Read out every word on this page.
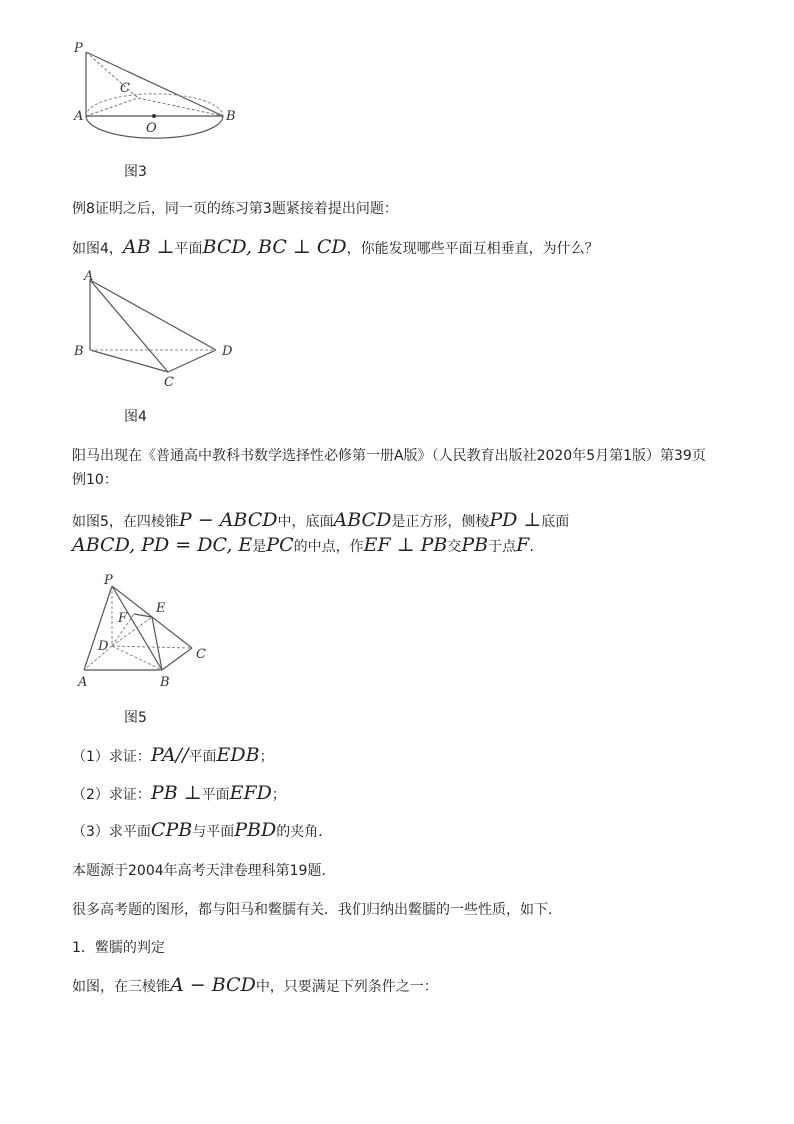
P
C
A
O
B
图3
例8证明之后，同一页的练习第3题紧接着提出问题：
如图4，AB ⊥平面BCD, BC ⊥ CD，你能发现哪些平面互相垂直，为什么？
A
B
C
D
图4
阳马出现在《普通高中教科书数学选择性必修第一册A版》（人民教育出版社2020年5月第1版）第39页
例10：
如图5，在四棱锥P − ABCD中，底面ABCD是正方形，侧棱PD ⊥底面
ABCD, PD = DC, E是PC的中点，作EF ⊥ PB交PB于点F.
P
E
F
D
C
A	B
图5
（1）求证：PA//平面EDB；
（2）求证：PB ⊥平面EFD；
（3）求平面CPB与平面PBD的夹角．
本题源于2004年高考天津卷理科第19题．
很多高考题的图形，都与阳马和鳖臑有关．我们归纳出鳖臑的一些性质，如下．
1．鳖臑的判定
如图，在三棱锥A − BCD中，只要满足下列条件之一：
